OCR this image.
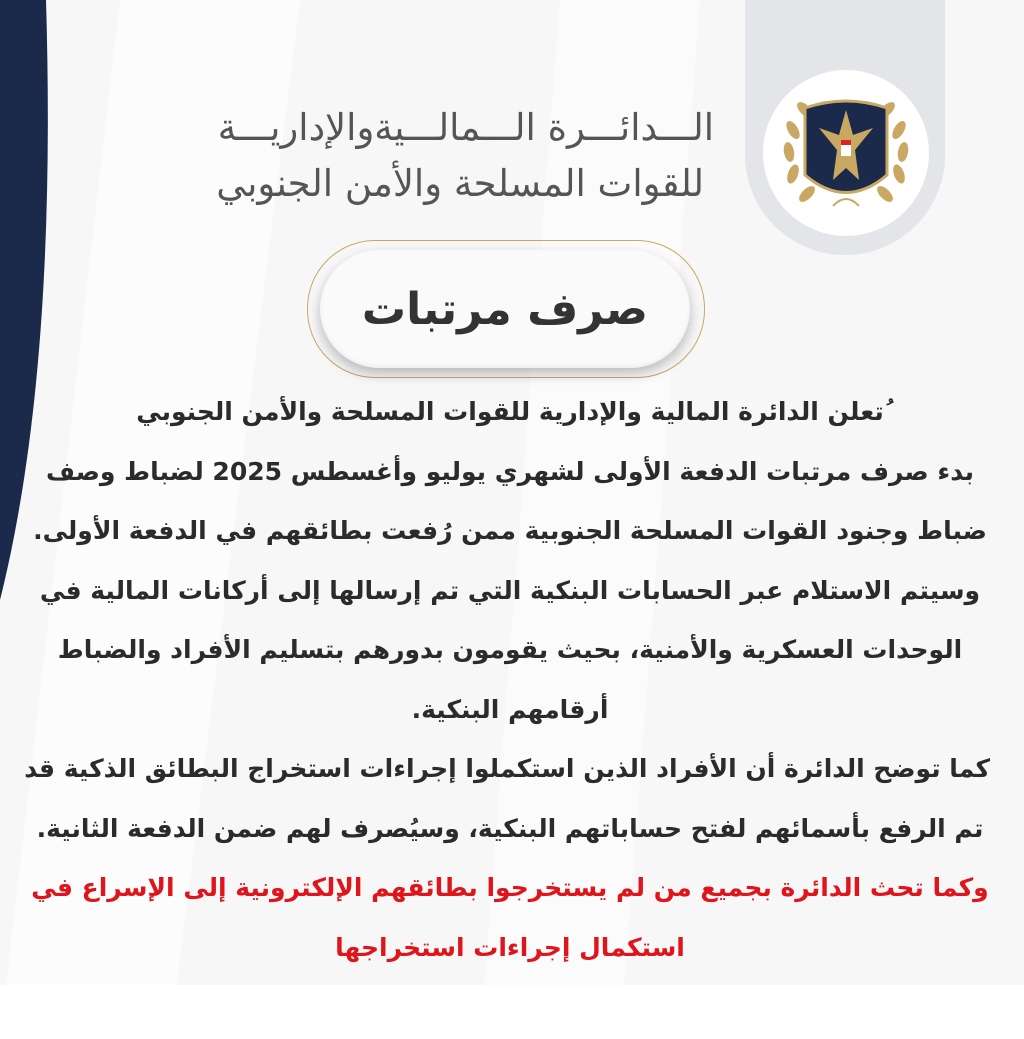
الـــدائـــرة الـــمالـــيةوالإداريـــة
للقوات المسلحة والأمن الجنوبي
صرف مرتبات

ُتعلن الدائرة المالية والإدارية للقوات المسلحة والأمن الجنوبي

بدء صرف مرتبات الدفعة الأولى لشهري يوليو وأغسطس 2025 لضباط وصف

ضباط وجنود القوات المسلحة الجنوبية ممن رُفعت بطائقهم في الدفعة الأولى.

وسيتم الاستلام عبر الحسابات البنكية التي تم إرسالها إلى أركانات المالية في

الوحدات العسكرية والأمنية، بحيث يقومون بدورهم بتسليم الأفراد والضباط

أرقامهم البنكية.

كما توضح الدائرة أن الأفراد الذين استكملوا إجراءات استخراج البطائق الذكية قد

تم الرفع بأسمائهم لفتح حساباتهم البنكية، وسيُصرف لهم ضمن الدفعة الثانية.

وكما تحث الدائرة بجميع من لم يستخرجوا بطائقهم الإلكترونية إلى الإسراع في

استكمال إجراءات استخراجها
